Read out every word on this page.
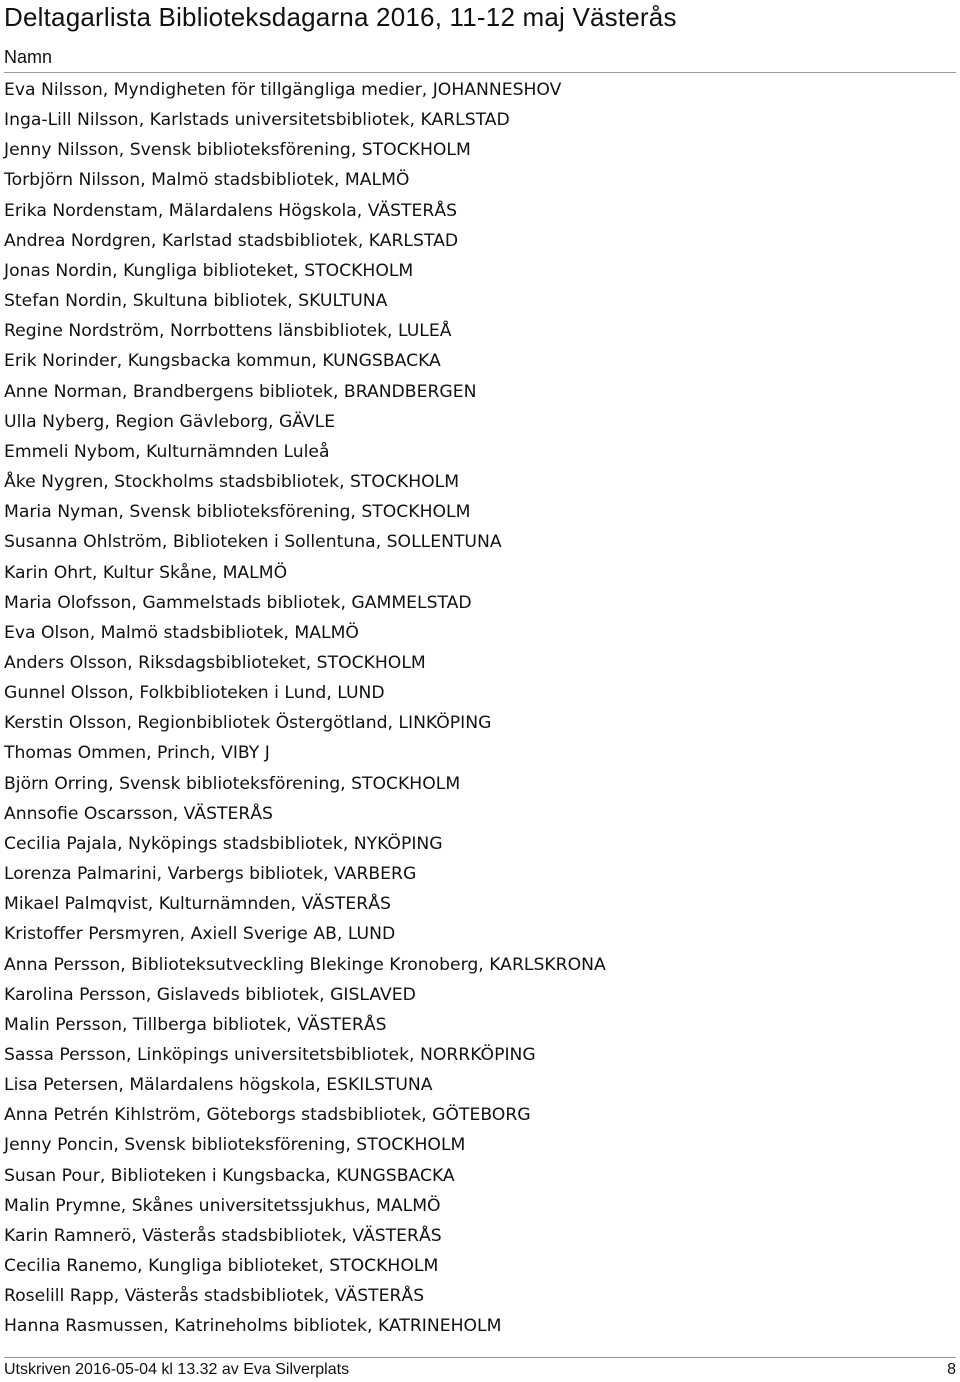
Deltagarlista Biblioteksdagarna 2016, 11-12 maj Västerås
Namn
Eva Nilsson, Myndigheten för tillgängliga medier, JOHANNESHOV
Inga-Lill Nilsson, Karlstads universitetsbibliotek, KARLSTAD
Jenny Nilsson, Svensk biblioteksförening, STOCKHOLM
Torbjörn Nilsson, Malmö stadsbibliotek, MALMÖ
Erika Nordenstam, Mälardalens Högskola, VÄSTERÅS
Andrea Nordgren, Karlstad stadsbibliotek, KARLSTAD
Jonas Nordin, Kungliga biblioteket, STOCKHOLM
Stefan Nordin, Skultuna bibliotek, SKULTUNA
Regine Nordström, Norrbottens länsbibliotek, LULEÅ
Erik Norinder, Kungsbacka kommun, KUNGSBACKA
Anne Norman, Brandbergens bibliotek, BRANDBERGEN
Ulla Nyberg, Region Gävleborg, GÄVLE
Emmeli Nybom, Kulturnämnden Luleå
Åke Nygren, Stockholms stadsbibliotek, STOCKHOLM
Maria Nyman, Svensk biblioteksförening, STOCKHOLM
Susanna Ohlström, Biblioteken i Sollentuna, SOLLENTUNA
Karin Ohrt, Kultur Skåne, MALMÖ
Maria Olofsson, Gammelstads bibliotek, GAMMELSTAD
Eva Olson, Malmö stadsbibliotek, MALMÖ
Anders Olsson, Riksdagsbiblioteket, STOCKHOLM
Gunnel Olsson, Folkbiblioteken i Lund, LUND
Kerstin Olsson, Regionbibliotek Östergötland, LINKÖPING
Thomas Ommen, Princh, VIBY J
Björn Orring, Svensk biblioteksförening, STOCKHOLM
Annsofie Oscarsson, VÄSTERÅS
Cecilia Pajala, Nyköpings stadsbibliotek, NYKÖPING
Lorenza Palmarini, Varbergs bibliotek, VARBERG
Mikael Palmqvist, Kulturnämnden, VÄSTERÅS
Kristoffer Persmyren, Axiell Sverige AB, LUND
Anna Persson, Biblioteksutveckling Blekinge Kronoberg, KARLSKRONA
Karolina Persson, Gislaveds bibliotek, GISLAVED
Malin Persson, Tillberga bibliotek, VÄSTERÅS
Sassa Persson, Linköpings universitetsbibliotek, NORRKÖPING
Lisa Petersen, Mälardalens högskola, ESKILSTUNA
Anna Petrén Kihlström, Göteborgs stadsbibliotek, GÖTEBORG
Jenny Poncin, Svensk biblioteksförening, STOCKHOLM
Susan Pour, Biblioteken i Kungsbacka, KUNGSBACKA
Malin Prymne, Skånes universitetssjukhus, MALMÖ
Karin Ramnerö, Västerås stadsbibliotek, VÄSTERÅS
Cecilia Ranemo, Kungliga biblioteket, STOCKHOLM
Roselill Rapp, Västerås stadsbibliotek, VÄSTERÅS
Hanna Rasmussen, Katrineholms bibliotek, KATRINEHOLM
Utskriven 2016-05-04 kl 13.32 av Eva Silverplats	8
